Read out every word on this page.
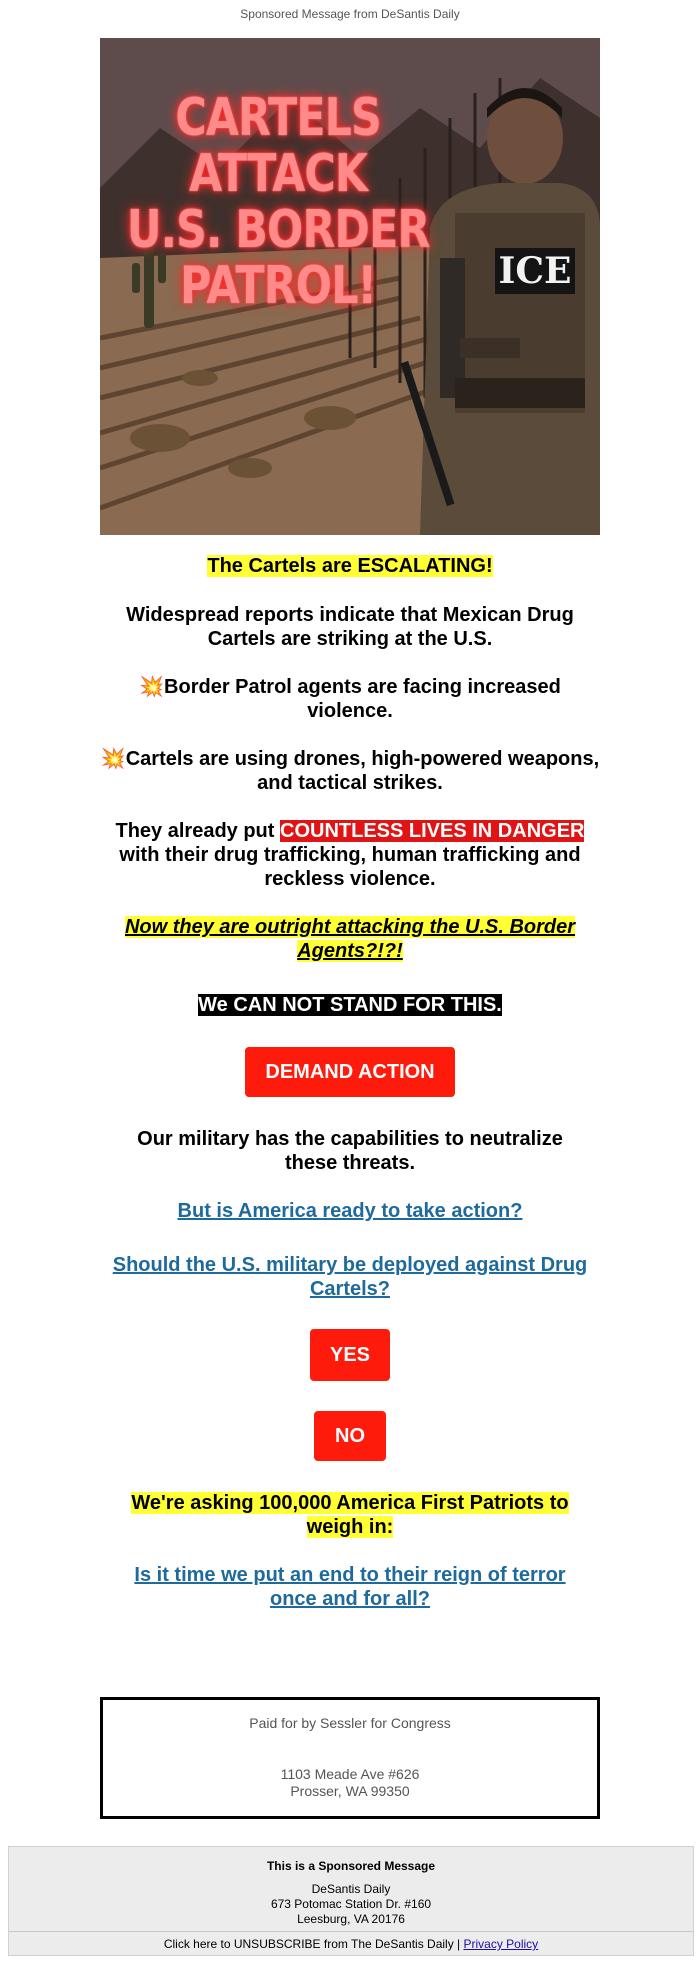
Sponsored Message from DeSantis Daily
CARTELS ATTACK
U.S. BORDER
PATROL!	ICE
The Cartels are ESCALATING!
Widespread reports indicate that Mexican Drug Cartels are striking at the U.S.
💥Border Patrol agents are facing increased violence.
💥Cartels are using drones, high-powered weapons, and tactical strikes.
They already put COUNTLESS LIVES IN DANGER with their drug trafficking, human trafficking and reckless violence.
Now they are outright attacking the U.S. Border Agents?!?!
We CAN NOT STAND FOR THIS.
DEMAND ACTION
Our military has the capabilities to neutralize these threats.
But is America ready to take action?
Should the U.S. military be deployed against Drug Cartels?
YES
NO
We're asking 100,000 America First Patriots to weigh in:
Is it time we put an end to their reign of terror once and for all?
Paid for by Sessler for Congress
1103 Meade Ave #626
Prosser, WA 99350
This is a Sponsored Message
DeSantis Daily
673 Potomac Station Dr. #160
Leesburg, VA 20176
Click here to UNSUBSCRIBE from The DeSantis Daily | Privacy Policy
